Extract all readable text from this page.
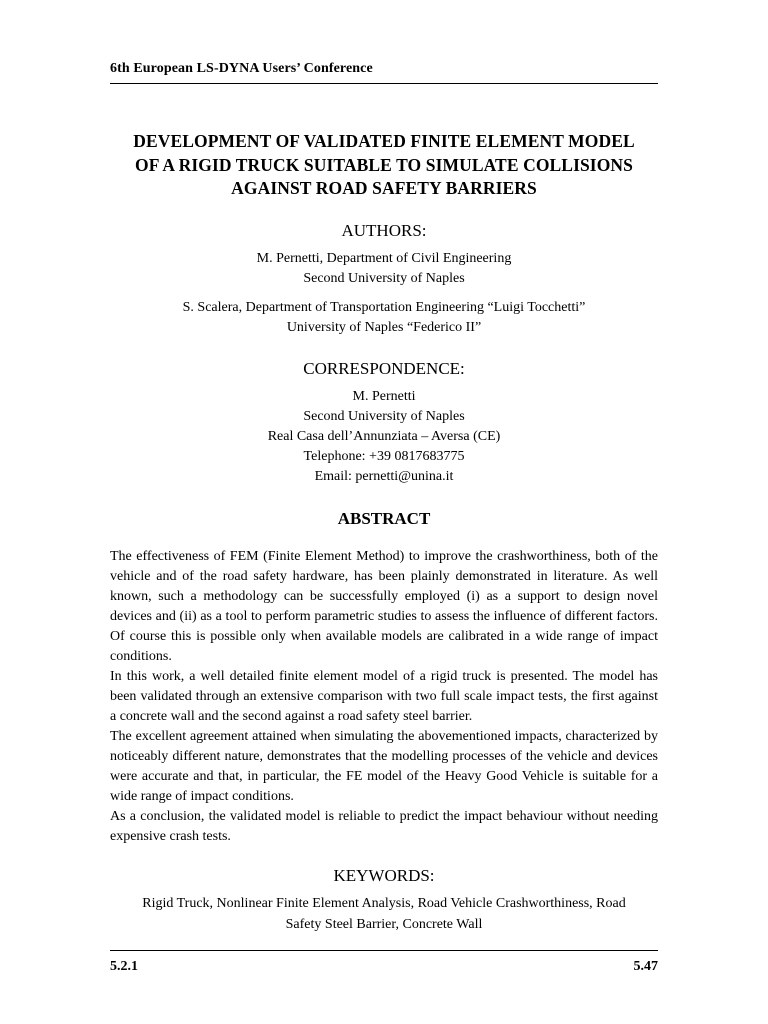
6th European LS-DYNA Users’ Conference
DEVELOPMENT OF VALIDATED FINITE ELEMENT MODEL
OF A RIGID TRUCK SUITABLE TO SIMULATE COLLISIONS
AGAINST ROAD SAFETY BARRIERS
AUTHORS:
M. Pernetti, Department of Civil Engineering
Second University of Naples
S. Scalera, Department of Transportation Engineering “Luigi Tocchetti”
University of Naples “Federico II”
CORRESPONDENCE:
M. Pernetti
Second University of Naples
Real Casa dell’Annunziata – Aversa (CE)
Telephone: +39 0817683775
Email: pernetti@unina.it
ABSTRACT

The effectiveness of FEM (Finite Element Method) to improve the crashworthiness, both of the vehicle and of the road safety hardware, has been plainly demonstrated in literature. As well known, such a methodology can be successfully employed (i) as a support to design novel devices and (ii) as a tool to perform parametric studies to assess the influence of different factors. Of course this is possible only when available models are calibrated in a wide range of impact conditions.

In this work, a well detailed finite element model of a rigid truck is presented. The model has been validated through an extensive comparison with two full scale impact tests, the first against a concrete wall and the second against a road safety steel barrier.

The excellent agreement attained when simulating the abovementioned impacts, characterized by noticeably different nature, demonstrates that the modelling processes of the vehicle and devices were accurate and that, in particular, the FE model of the Heavy Good Vehicle is suitable for a wide range of impact conditions.

As a conclusion, the validated model is reliable to predict the impact behaviour without needing expensive crash tests.

KEYWORDS:
Rigid Truck, Nonlinear Finite Element Analysis, Road Vehicle Crashworthiness, Road
Safety Steel Barrier, Concrete Wall
5.2.1	5.47
